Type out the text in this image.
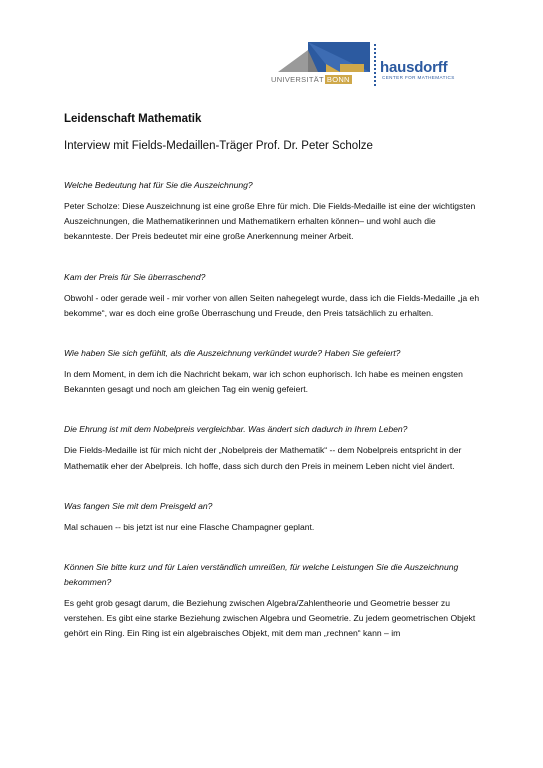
UNIVERSITÄT BONN
hausdorff
CENTER FOR MATHEMATICS
Leidenschaft Mathematik

Interview mit Fields-Medaillen-Träger Prof. Dr. Peter Scholze

Welche Bedeutung hat für Sie die Auszeichnung?

Peter Scholze: Diese Auszeichnung ist eine große Ehre für mich. Die Fields-Medaille ist eine der wichtigsten Auszeichnungen, die Mathematikerinnen und Mathematikern erhalten können– und wohl auch die bekannteste. Der Preis bedeutet mir eine große Anerkennung meiner Arbeit.

Kam der Preis für Sie überraschend?

Obwohl - oder gerade weil - mir vorher von allen Seiten nahegelegt wurde, dass ich die Fields-Medaille „ja eh bekomme“, war es doch eine große Überraschung und Freude, den Preis tatsächlich zu erhalten.

Wie haben Sie sich gefühlt, als die Auszeichnung verkündet wurde? Haben Sie gefeiert?

In dem Moment, in dem ich die Nachricht bekam, war ich schon euphorisch. Ich habe es meinen engsten Bekannten gesagt und noch am gleichen Tag ein wenig gefeiert.

Die Ehrung ist mit dem Nobelpreis vergleichbar. Was ändert sich dadurch in Ihrem Leben?

Die Fields-Medaille ist für mich nicht der „Nobelpreis der Mathematik“ -- dem Nobelpreis entspricht in der Mathematik eher der Abelpreis. Ich hoffe, dass sich durch den Preis in meinem Leben nicht viel ändert.

Was fangen Sie mit dem Preisgeld an?

Mal schauen -- bis jetzt ist nur eine Flasche Champagner geplant.

Können Sie bitte kurz und für Laien verständlich umreißen, für welche Leistungen Sie die Auszeichnung bekommen?

Es geht grob gesagt darum, die Beziehung zwischen Algebra/Zahlentheorie und Geometrie besser zu verstehen. Es gibt eine starke Beziehung zwischen Algebra und Geometrie. Zu jedem geometrischen Objekt gehört ein Ring. Ein Ring ist ein algebraisches Objekt, mit dem man „rechnen“ kann – im
